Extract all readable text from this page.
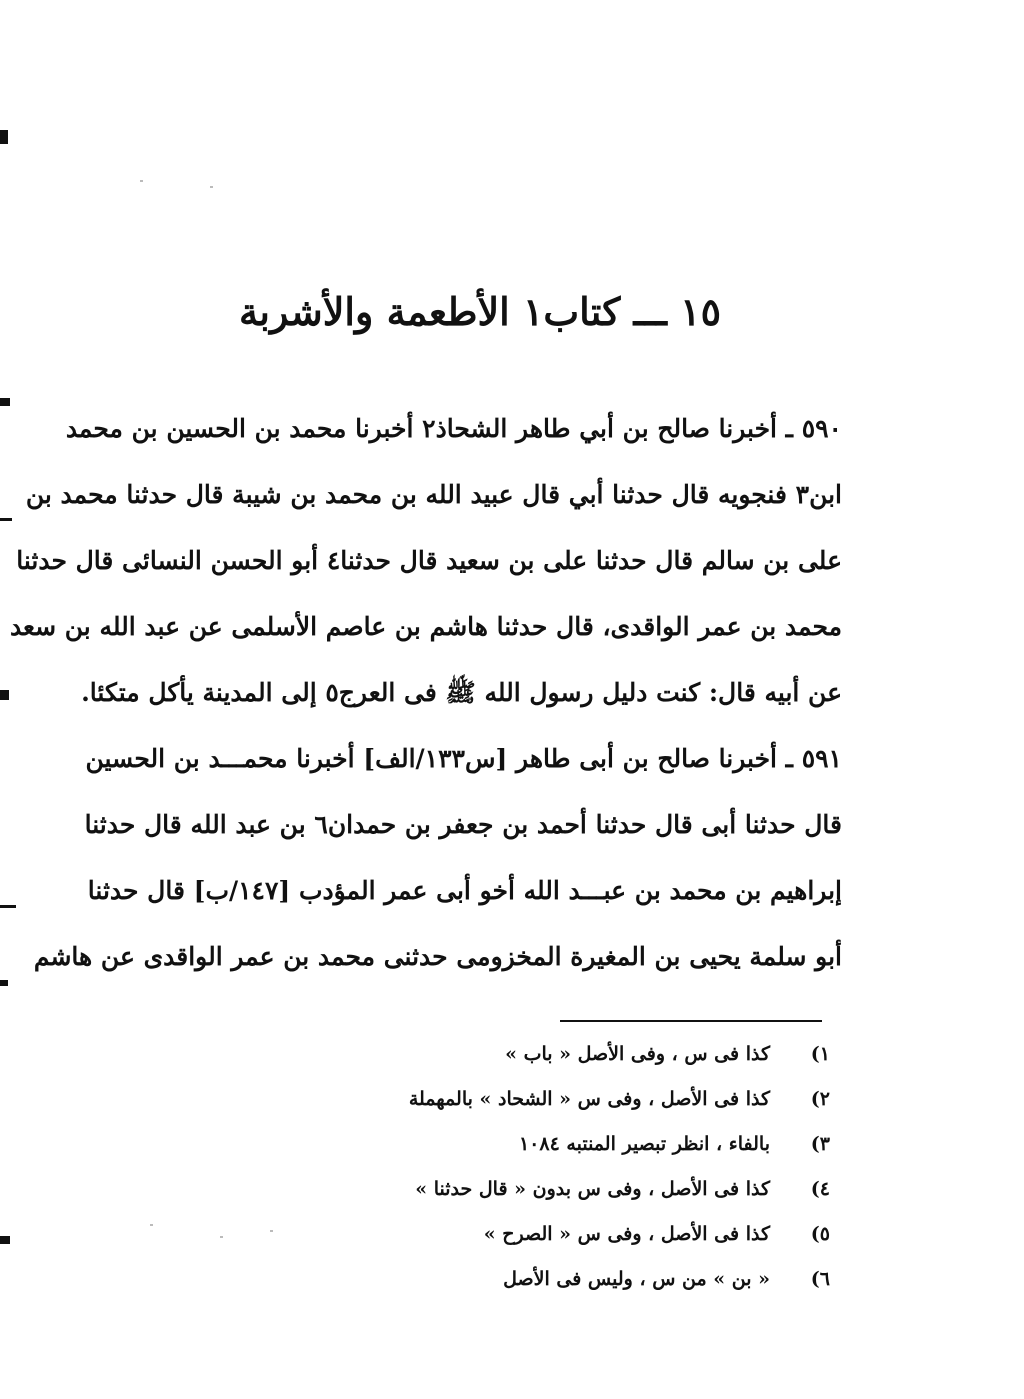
١٥ ـــ كتاب١ الأطعمة والأشربة
٥٩٠ ـ أخبرنا صالح بن أبي طاهر الشحاذ٢ أخبرنا محمد بن الحسين بن محمد
ابن٣ فنجويه قال حدثنا أبي قال عبيد الله بن محمد بن شيبة قال حدثنا محمد بن
على بن سالم قال حدثنا على بن سعيد قال حدثنا٤ أبو الحسن النسائى قال حدثنا
محمد بن عمر الواقدى، قال حدثنا هاشم بن عاصم الأسلمى عن عبد الله بن سعد
عن أبيه قال: كنت دليل رسول الله ﷺ فى العرج٥ إلى المدينة يأكل متكئا.
٥٩١ ـ أخبرنا صالح بن أبى طاهر [س١٣٣/الف] أخبرنا محمـــد بن الحسين
قال حدثنا أبى قال حدثنا أحمد بن جعفر بن حمدان٦ بن عبد الله قال حدثنا
إبراهيم بن محمد بن عبـــد الله أخو أبى عمر المؤدب [١٤٧/ب] قال حدثنا
أبو سلمة يحيى بن المغيرة المخزومى حدثنى محمد بن عمر الواقدى عن هاشم
١)
كذا فى س ، وفى الأصل « باب »
٢)
كذا فى الأصل ، وفى س « الشحاد » بالمهملة
٣)
بالفاء ، انظر تبصير المنتبه ١٠٨٤
٤)
كذا فى الأصل ، وفى س بدون « قال حدثنا »
٥)
كذا فى الأصل ، وفى س « الصرح »
٦)
« بن » من س ، وليس فى الأصل
